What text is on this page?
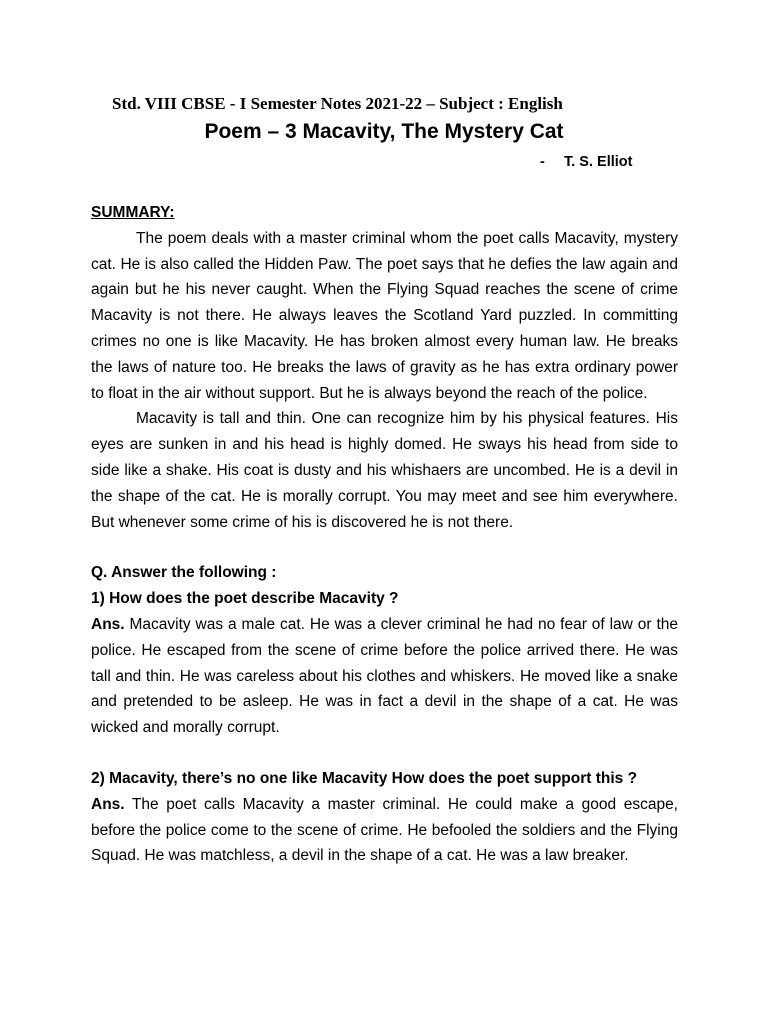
Std. VIII CBSE - I Semester Notes 2021-22 – Subject : English
Poem – 3 Macavity, The Mystery Cat
- T. S. Elliot
SUMMARY:

The poem deals with a master criminal whom the poet calls Macavity, mystery cat. He is also called the Hidden Paw. The poet says that he defies the law again and again but he his never caught. When the Flying Squad reaches the scene of crime Macavity is not there. He always leaves the Scotland Yard puzzled. In committing crimes no one is like Macavity. He has broken almost every human law. He breaks the laws of nature too. He breaks the laws of gravity as he has extra ordinary power to float in the air without support. But he is always beyond the reach of the police.

Macavity is tall and thin. One can recognize him by his physical features. His eyes are sunken in and his head is highly domed. He sways his head from side to side like a shake. His coat is dusty and his whishaers are uncombed. He is a devil in the shape of the cat. He is morally corrupt. You may meet and see him everywhere. But whenever some crime of his is discovered he is not there.

Q. Answer the following :
1) How does the poet describe Macavity ?

Ans. Macavity was a male cat. He was a clever criminal he had no fear of law or the police. He escaped from the scene of crime before the police arrived there. He was tall and thin. He was careless about his clothes and whiskers. He moved like a snake and pretended to be asleep. He was in fact a devil in the shape of a cat. He was wicked and morally corrupt.

2) Macavity, there’s no one like Macavity How does the poet support this ?

Ans. The poet calls Macavity a master criminal. He could make a good escape, before the police come to the scene of crime. He befooled the soldiers and the Flying Squad. He was matchless, a devil in the shape of a cat. He was a law breaker.
